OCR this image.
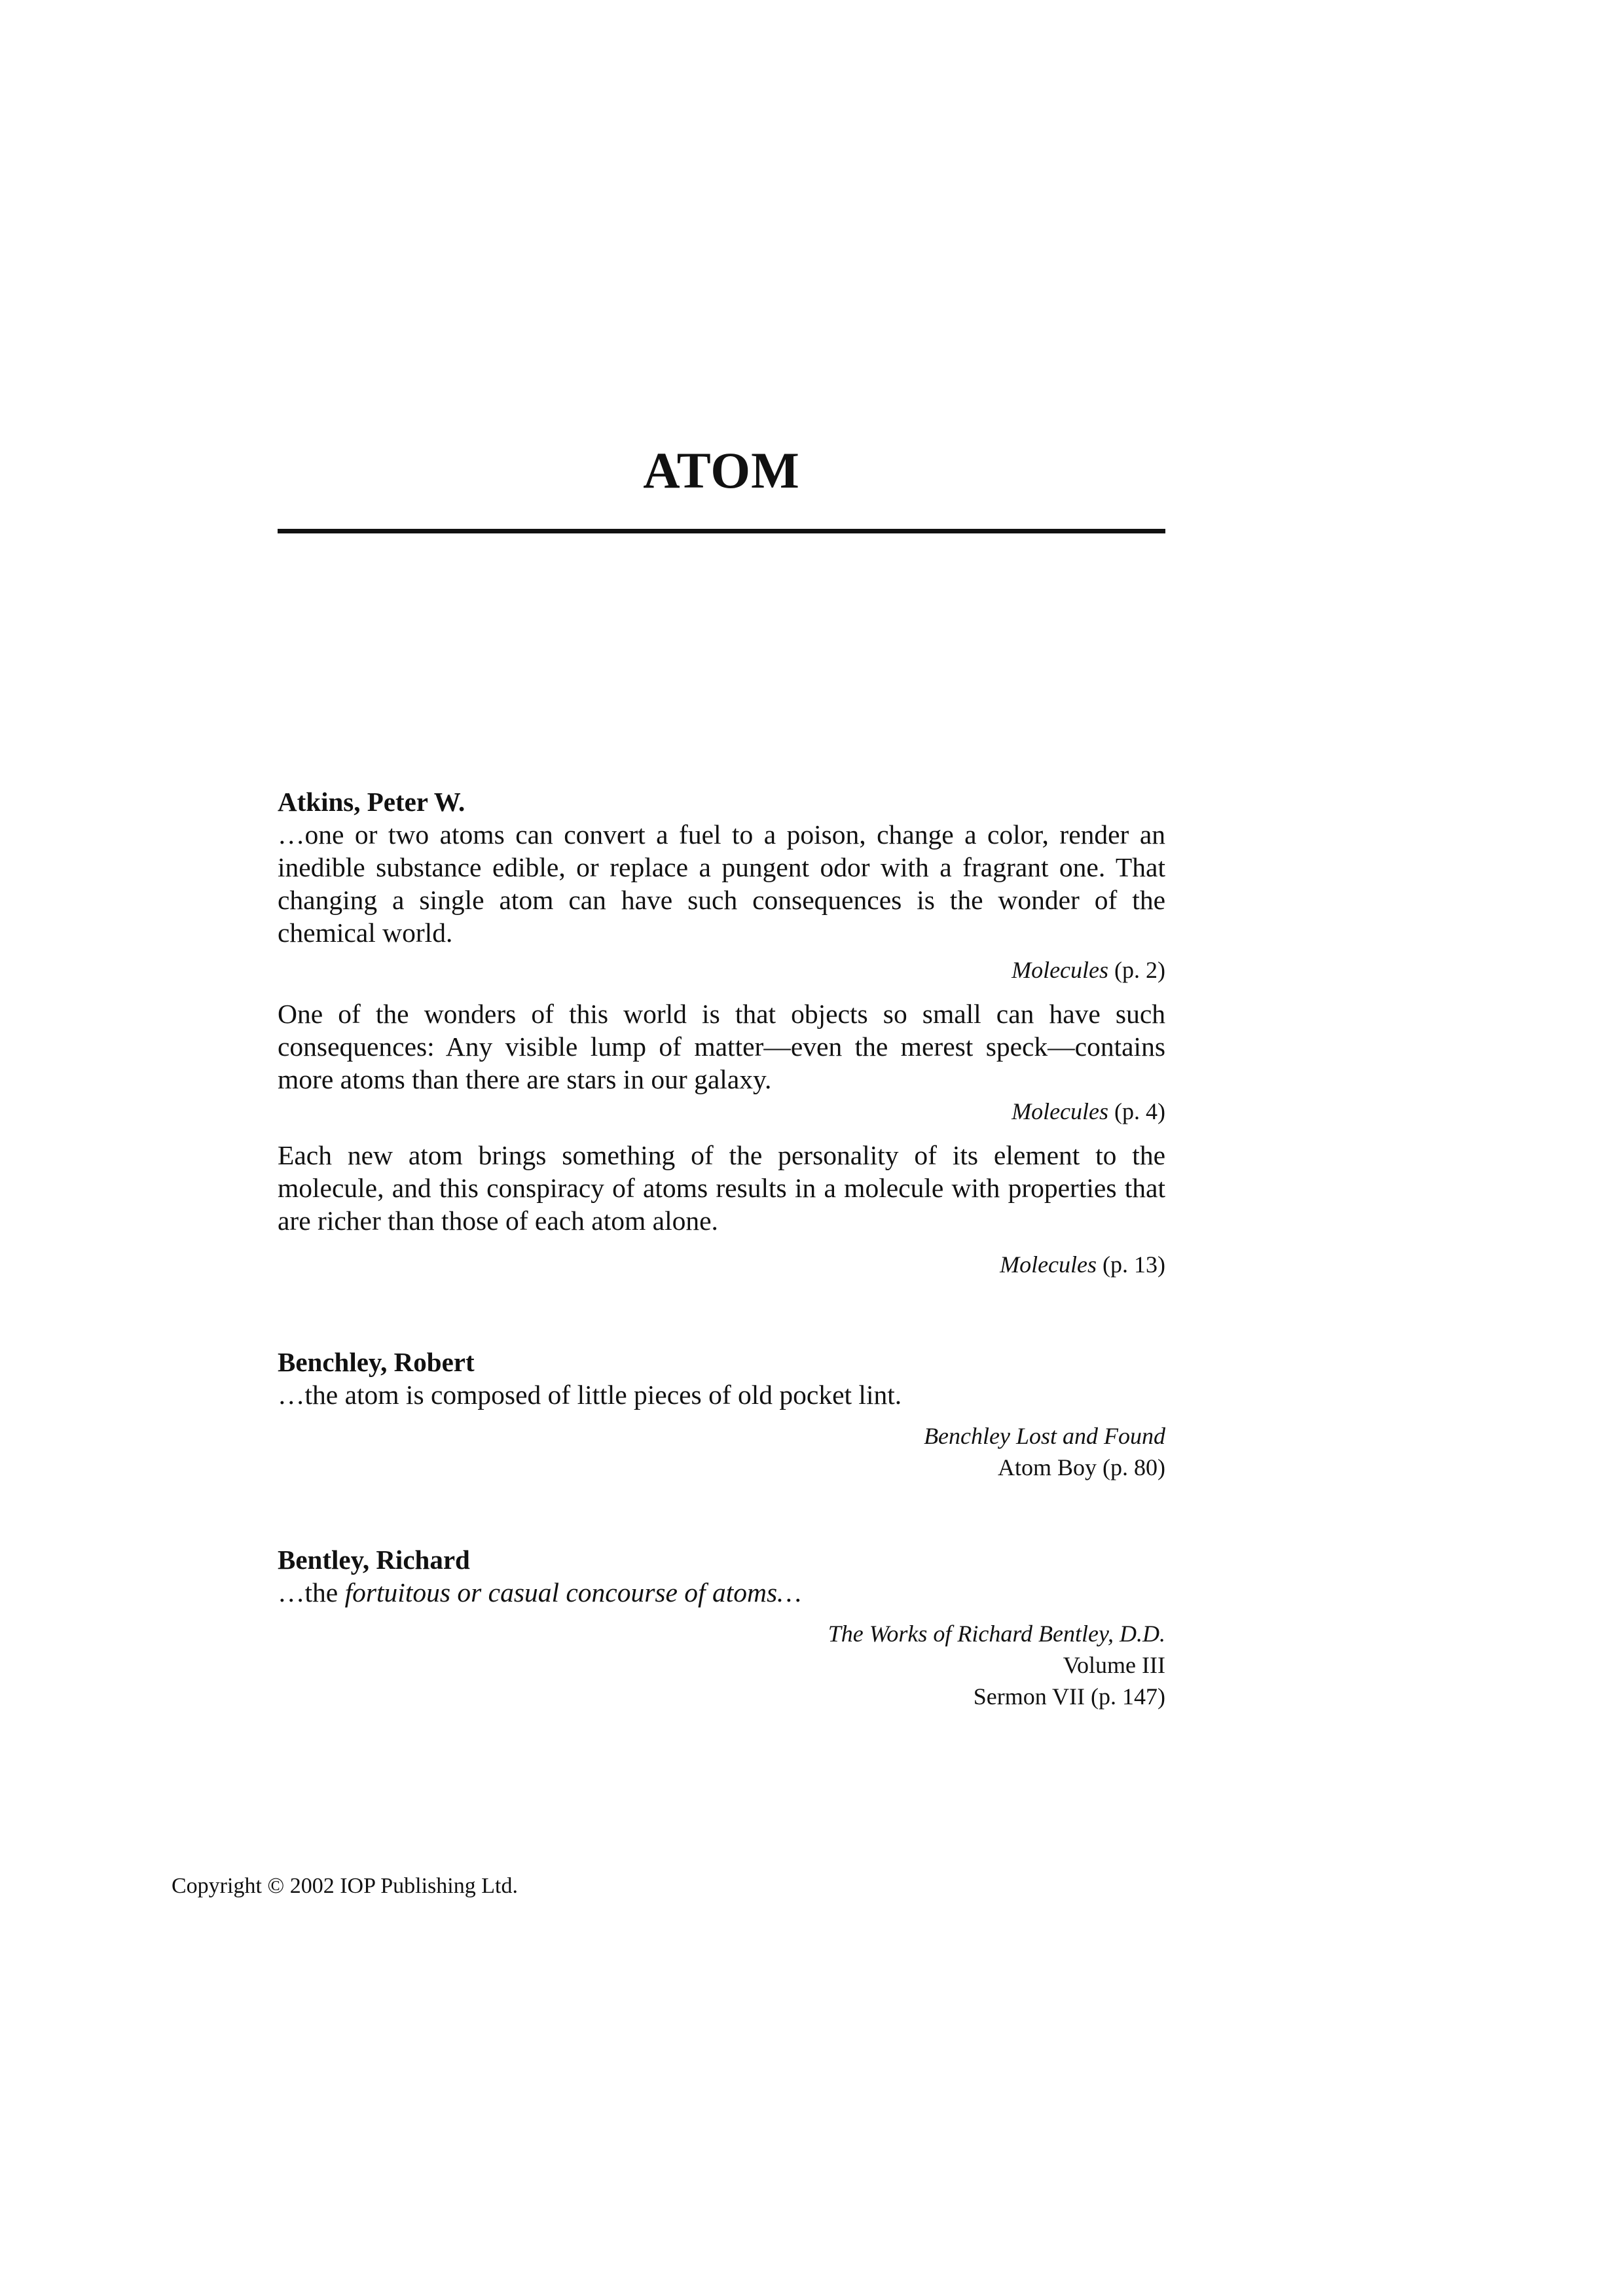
ATOM

Atkins, Peter W.

…one or two atoms can convert a fuel to a poison, change a color, render an inedible substance edible, or replace a pungent odor with a fragrant one. That changing a single atom can have such consequences is the wonder of the chemical world.

Molecules (p. 2)

One of the wonders of this world is that objects so small can have such consequences: Any visible lump of matter—even the merest speck—contains more atoms than there are stars in our galaxy.

Molecules (p. 4)

Each new atom brings something of the personality of its element to the molecule, and this conspiracy of atoms results in a molecule with properties that are richer than those of each atom alone.

Molecules (p. 13)

Benchley, Robert

…the atom is composed of little pieces of old pocket lint.

Benchley Lost and Found
Atom Boy (p. 80)

Bentley, Richard

…the fortuitous or casual concourse of atoms…

The Works of Richard Bentley, D.D.
Volume III
Sermon VII (p. 147)

Copyright © 2002 IOP Publishing Ltd.
